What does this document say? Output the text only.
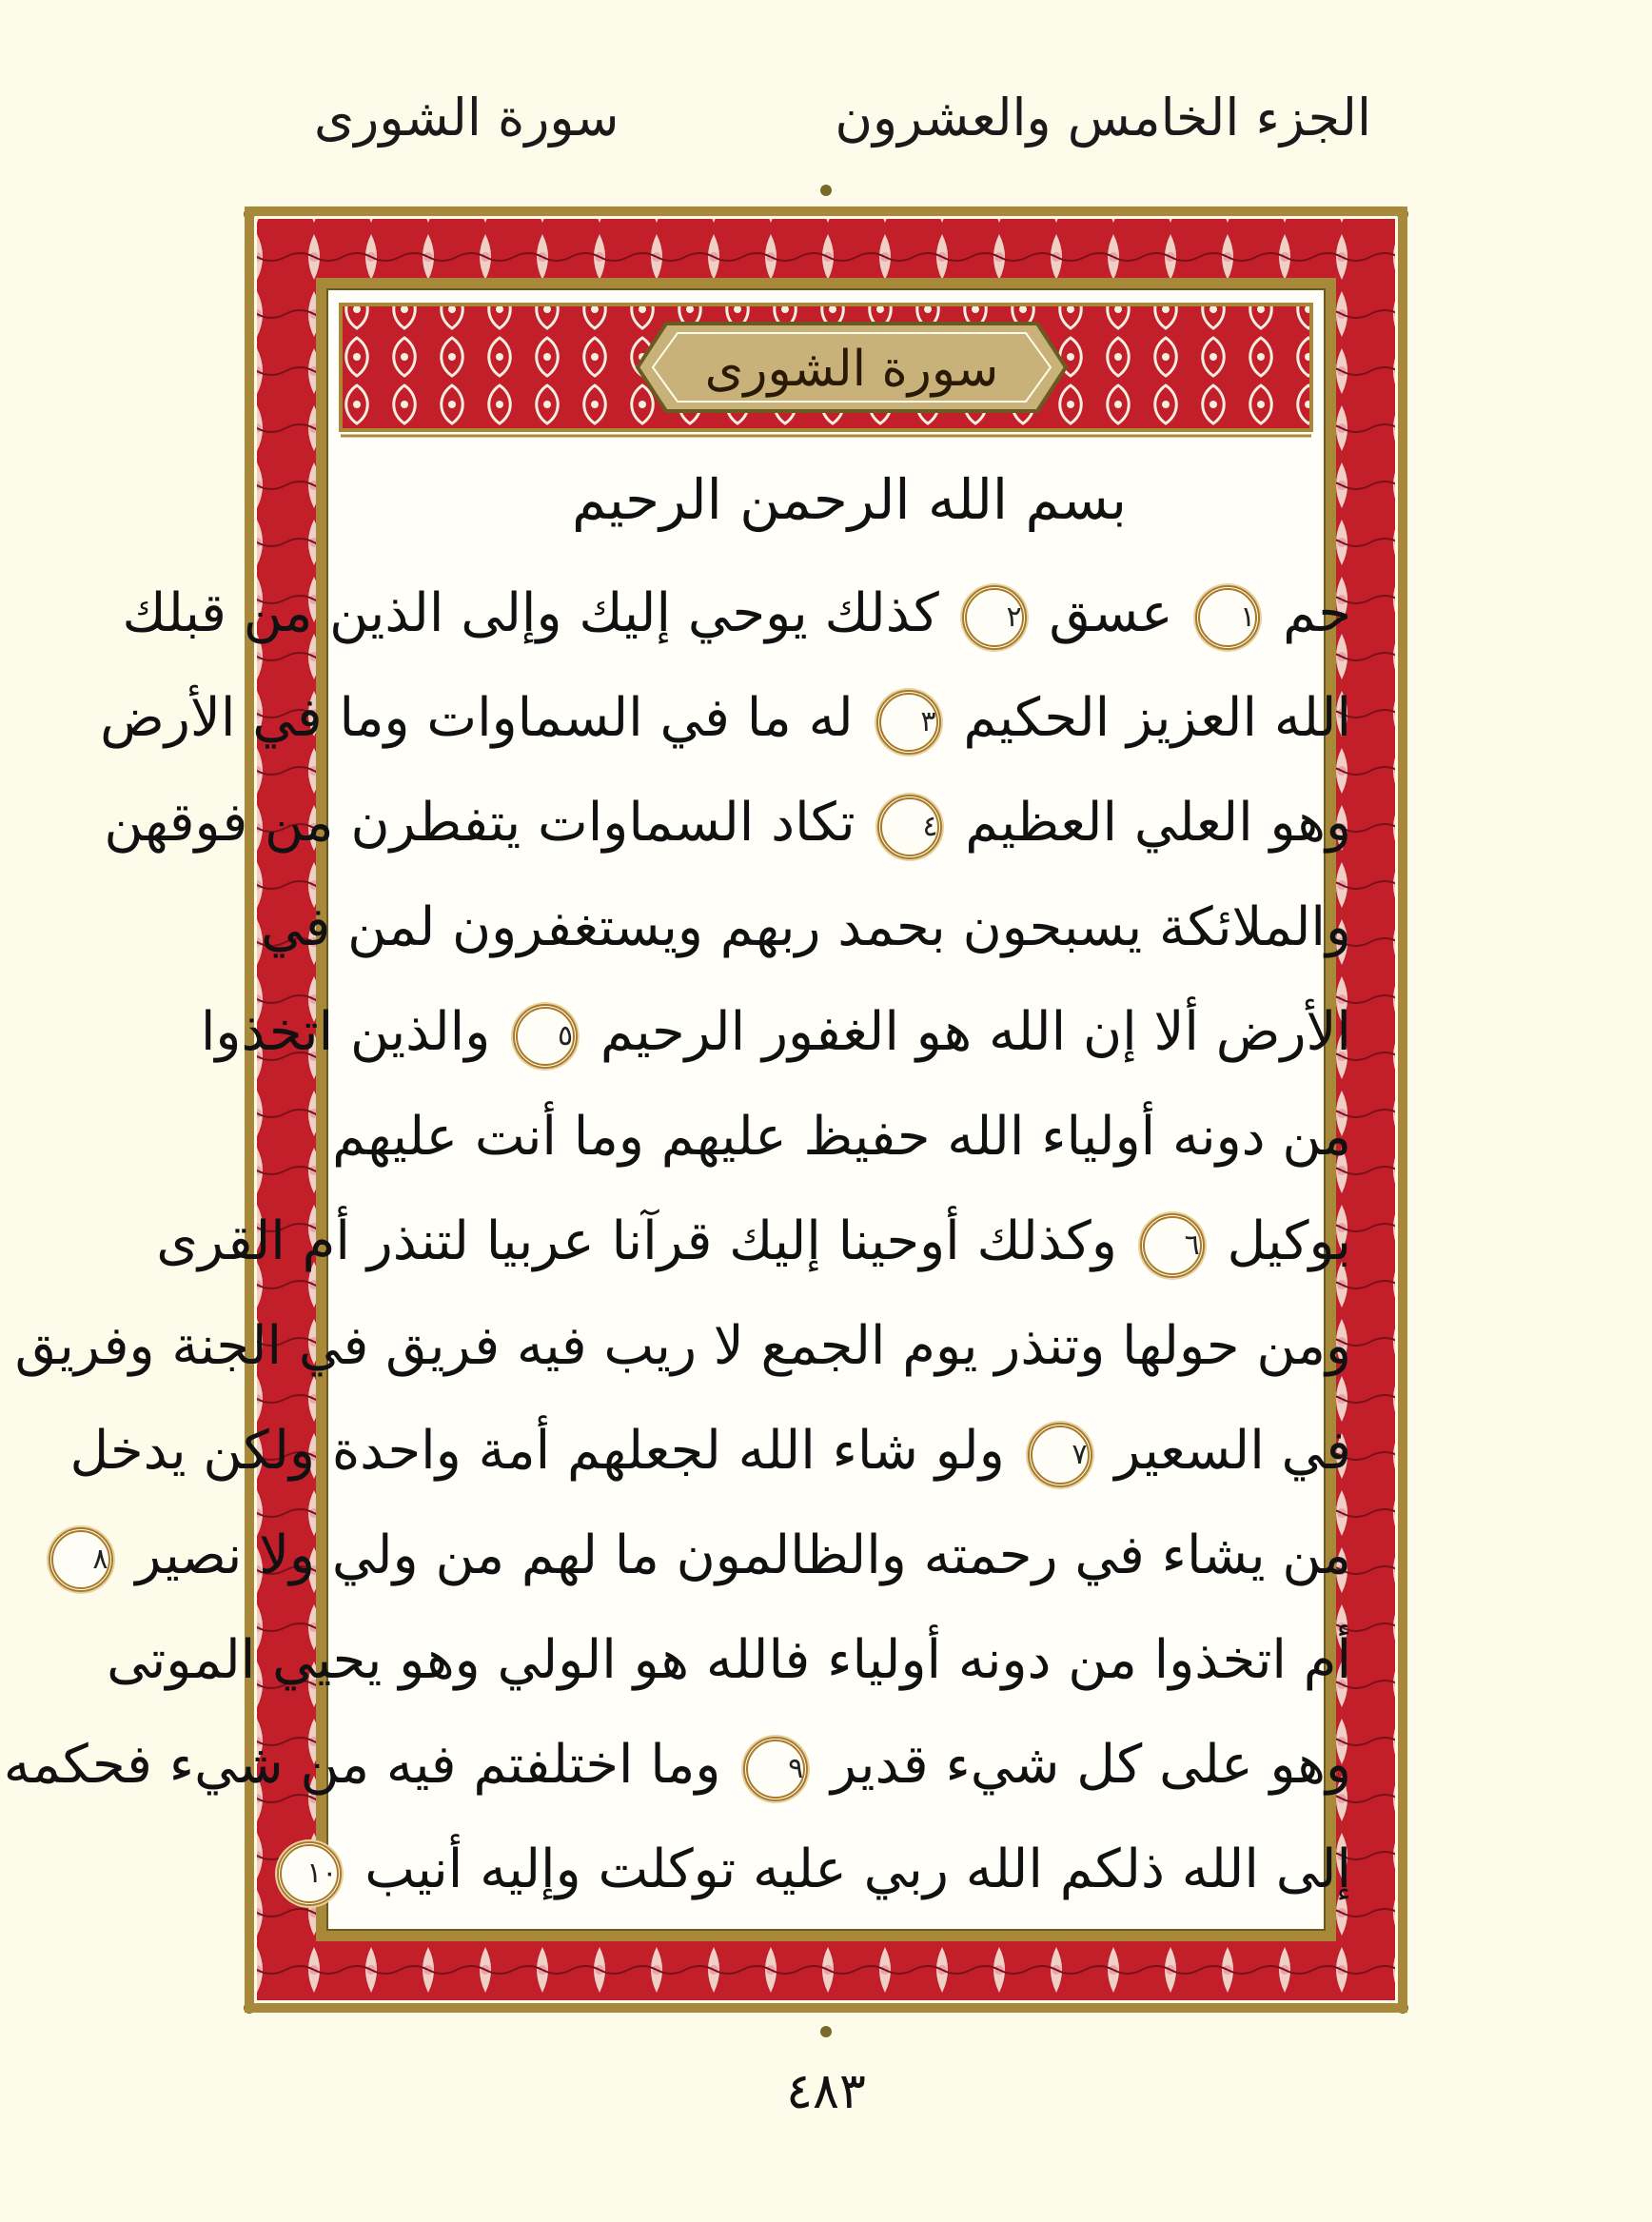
الجزء الخامس والعشرون
سورة الشورى
سورة الشورى
بسم الله الرحمن الرحيم
حم ١ عسق ٢ كذلك يوحي إليك وإلى الذين من قبلك
الله العزيز الحكيم ٣ له ما في السماوات وما في الأرض
وهو العلي العظيم ٤ تكاد السماوات يتفطرن من فوقهن
والملائكة يسبحون بحمد ربهم ويستغفرون لمن في
الأرض ألا إن الله هو الغفور الرحيم ٥ والذين اتخذوا
من دونه أولياء الله حفيظ عليهم وما أنت عليهم
بوكيل ٦ وكذلك أوحينا إليك قرآنا عربيا لتنذر أم القرى
ومن حولها وتنذر يوم الجمع لا ريب فيه فريق في الجنة وفريق
في السعير ٧ ولو شاء الله لجعلهم أمة واحدة ولكن يدخل
من يشاء في رحمته والظالمون ما لهم من ولي ولا نصير ٨
أم اتخذوا من دونه أولياء فالله هو الولي وهو يحيي الموتى
وهو على كل شيء قدير ٩ وما اختلفتم فيه من شيء فحكمه
إلى الله ذلكم الله ربي عليه توكلت وإليه أنيب ١٠
٤٨٣
